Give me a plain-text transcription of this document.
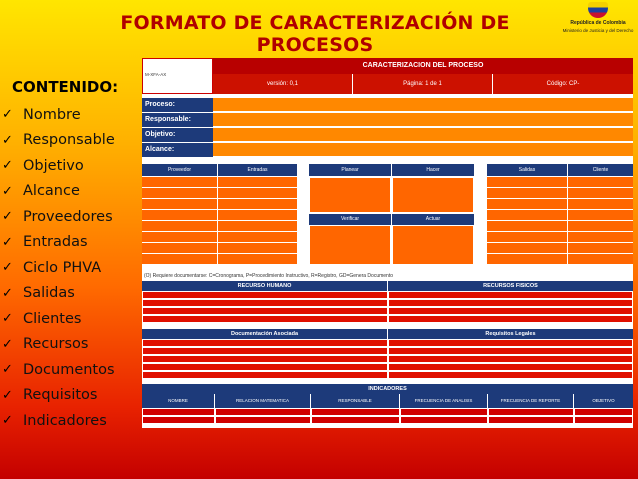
FORMATO DE CARACTERIZACIÓN DE PROCESOS
República de Colombia
Ministerio de Justicia y del Derecho
CONTENIDO:
✓ Nombre
✓ Responsable
✓ Objetivo
✓ Alcance
✓ Proveedores
✓ Entradas
✓ Ciclo PHVA
✓ Salidas
✓ Clientes
✓ Recursos
✓ Documentos
✓ Requisitos
✓ Indicadores
M-XFA-AX
CARACTERIZACION DEL PROCESO
versión: 0,1	Página: 1 de 1	Código: CP-
Proceso:
Responsable:
Objetivo:
Alcance:
Proveedor	Entradas	Planear	Hacer	Salidas	Cliente
Verificar	Actuar
(O) Requiere documentarse: C=Cronograma, P=Procedimiento Instructivo, R=Registro, GD=Genera Documento
RECURSO HUMANO	RECURSOS FISICOS
Documentación Asociada	Requisitos Legales
INDICADORES
NOMBRE	RELACION MATEMATICA	RESPONSABLE	FRECUENCIA DE ANALISIS	FRECUENCIA DE REPORTE	OBJETIVO
